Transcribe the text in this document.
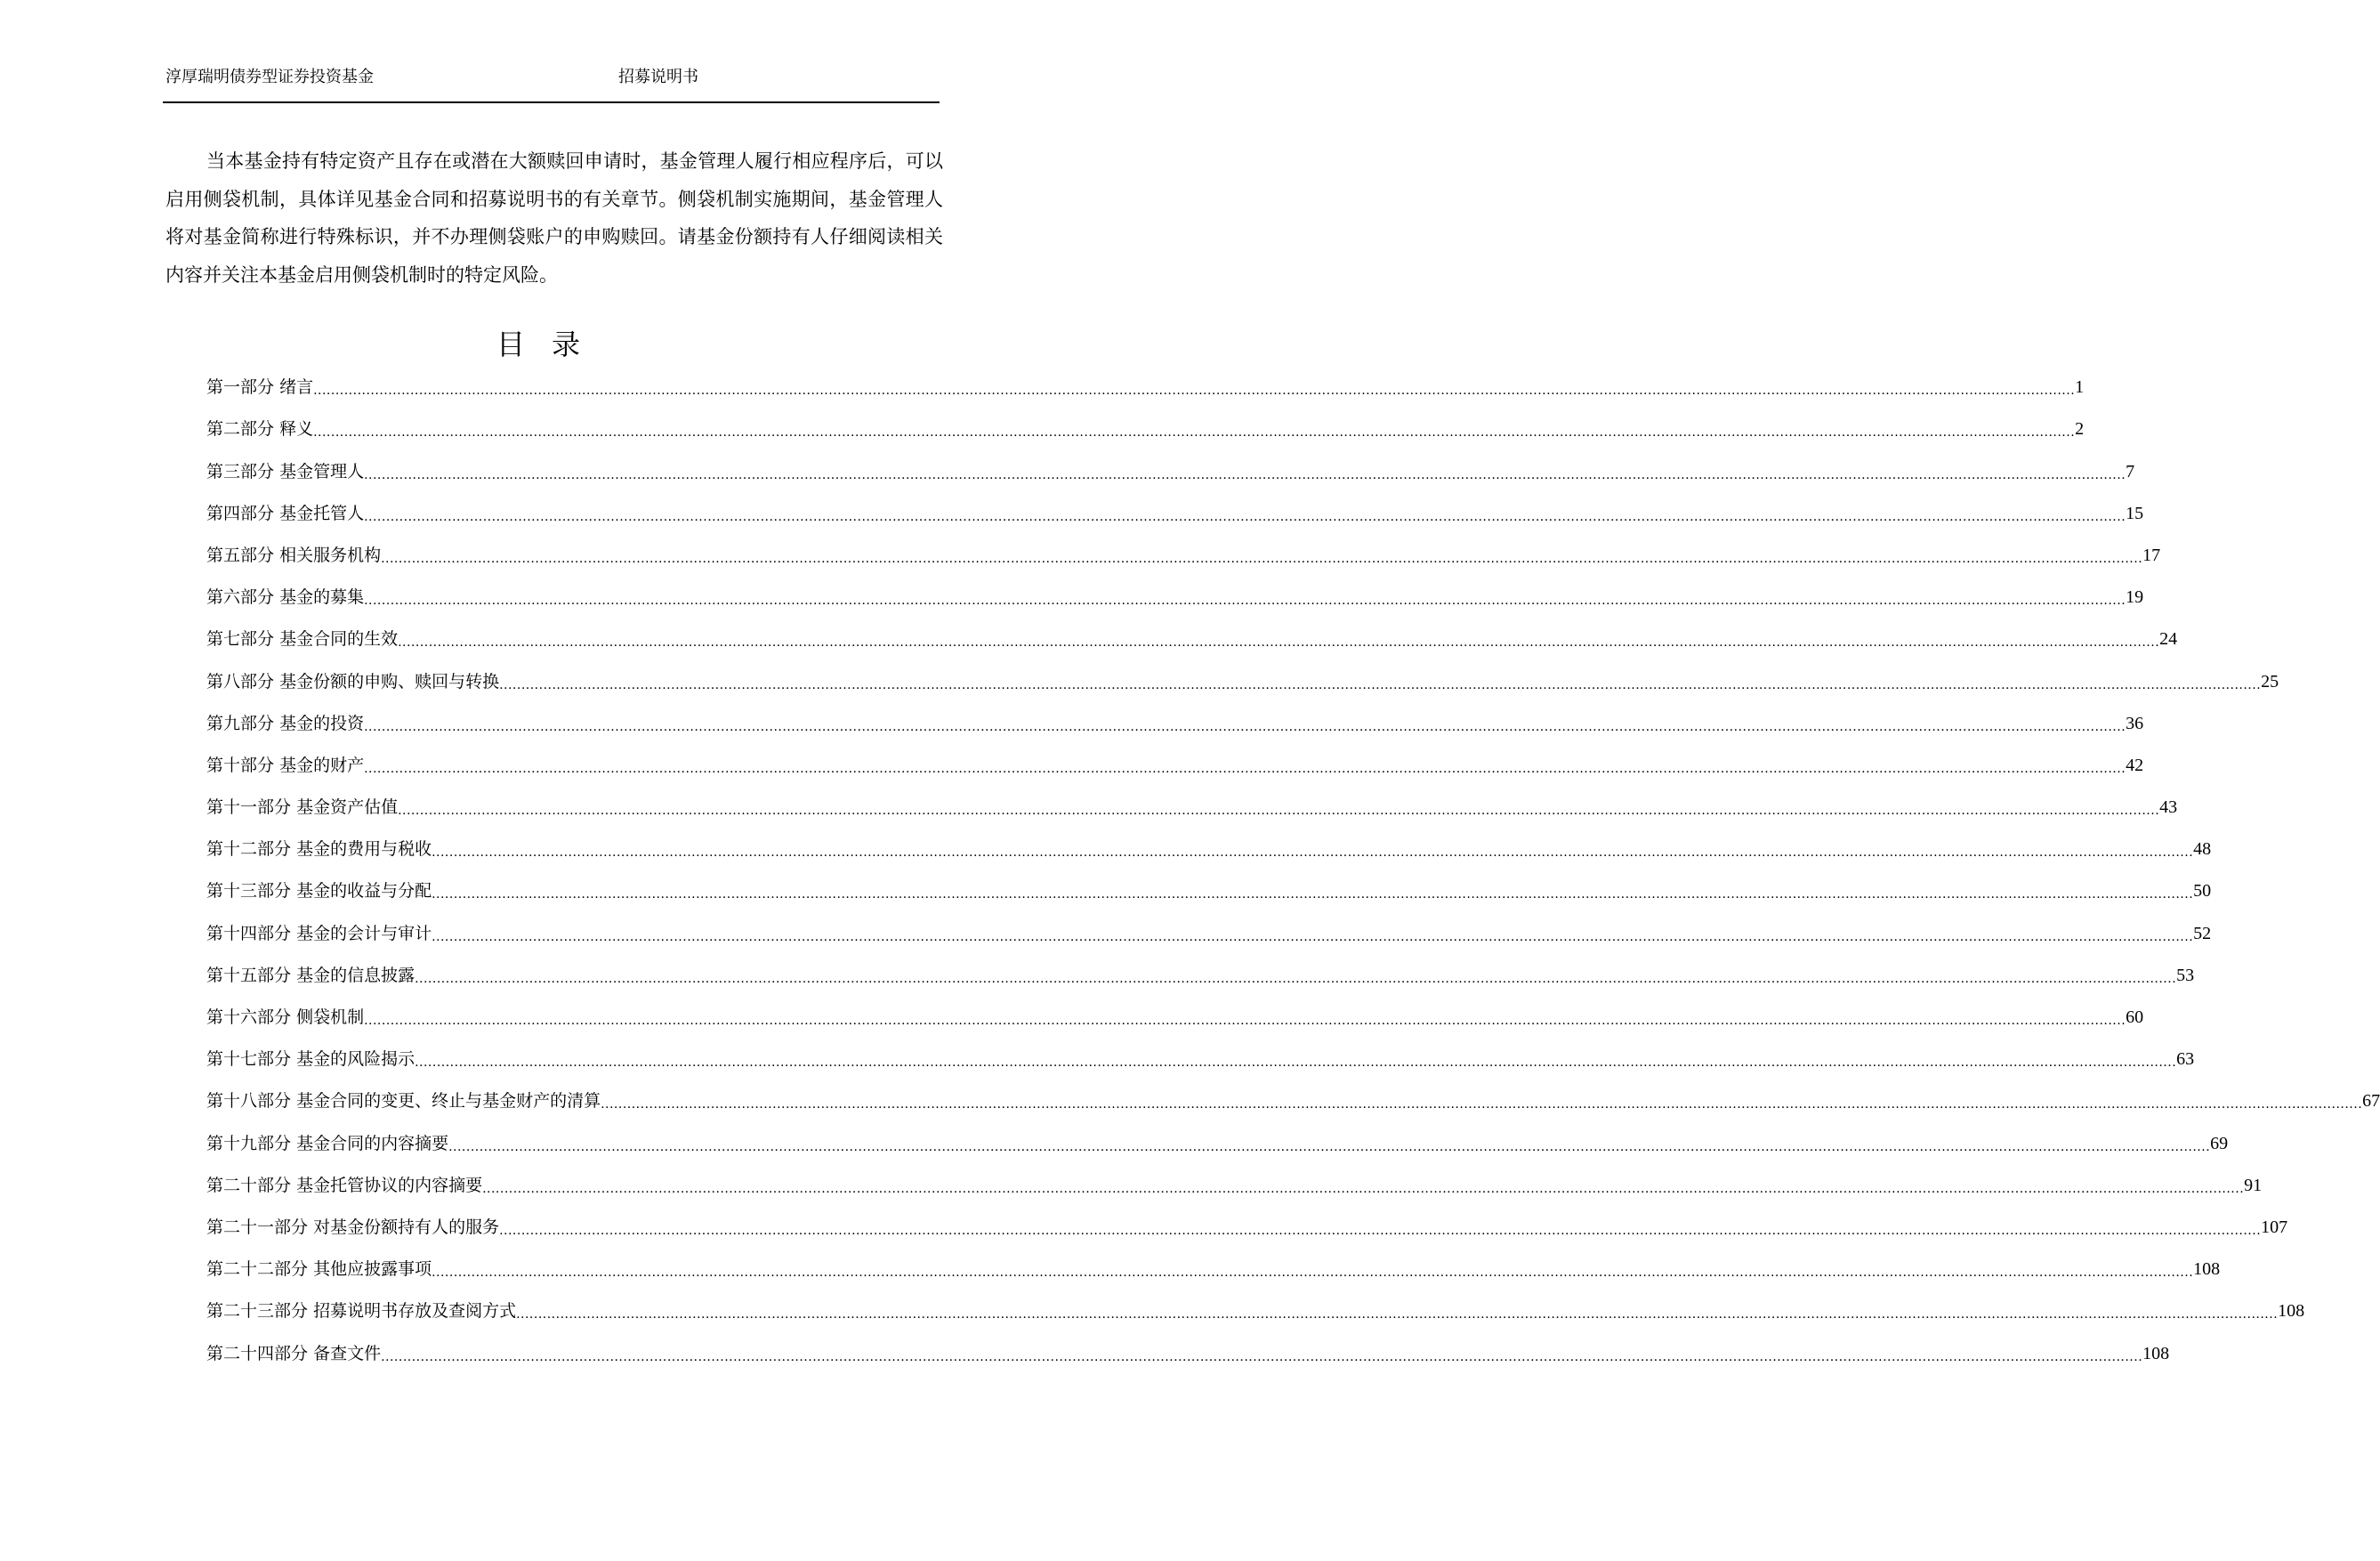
淳厚瑞明债券型证券投资基金	招募说明书

当本基金持有特定资产且存在或潜在大额赎回申请时，基金管理人履行相应程序后，可以启用侧袋机制，具体详见基金合同和招募说明书的有关章节。侧袋机制实施期间，基金管理人将对基金简称进行特殊标识，并不办理侧袋账户的申购赎回。请基金份额持有人仔细阅读相关内容并关注本基金启用侧袋机制时的特定风险。

目录
第一部分
绪言 ................................................................................................................................................................................................................................................................................................................................................................................................................ 1
第二部分
释义 ................................................................................................................................................................................................................................................................................................................................................................................................................ 2
第三部分
基金管理人 ................................................................................................................................................................................................................................................................................................................................................................................................................ 7
第四部分
基金托管人 ................................................................................................................................................................................................................................................................................................................................................................................................................ 15
第五部分
相关服务机构 ................................................................................................................................................................................................................................................................................................................................................................................................................ 17
第六部分
基金的募集 ................................................................................................................................................................................................................................................................................................................................................................................................................ 19
第七部分
基金合同的生效 ................................................................................................................................................................................................................................................................................................................................................................................................................ 24
第八部分
基金份额的申购、赎回与转换 ................................................................................................................................................................................................................................................................................................................................................................................................................ 25
第九部分
基金的投资 ................................................................................................................................................................................................................................................................................................................................................................................................................ 36
第十部分
基金的财产 ................................................................................................................................................................................................................................................................................................................................................................................................................ 42
第十一部分
基金资产估值 ................................................................................................................................................................................................................................................................................................................................................................................................................ 43
第十二部分
基金的费用与税收 ................................................................................................................................................................................................................................................................................................................................................................................................................ 48
第十三部分
基金的收益与分配 ................................................................................................................................................................................................................................................................................................................................................................................................................ 50
第十四部分
基金的会计与审计 ................................................................................................................................................................................................................................................................................................................................................................................................................ 52
第十五部分
基金的信息披露 ................................................................................................................................................................................................................................................................................................................................................................................................................ 53
第十六部分
侧袋机制 ................................................................................................................................................................................................................................................................................................................................................................................................................ 60
第十七部分
基金的风险揭示 ................................................................................................................................................................................................................................................................................................................................................................................................................ 63
第十八部分
基金合同的变更、终止与基金财产的清算 ................................................................................................................................................................................................................................................................................................................................................................................................................ 67
第十九部分
基金合同的内容摘要 ................................................................................................................................................................................................................................................................................................................................................................................................................ 69
第二十部分
基金托管协议的内容摘要 ................................................................................................................................................................................................................................................................................................................................................................................................................ 91
第二十一部分
对基金份额持有人的服务 ................................................................................................................................................................................................................................................................................................................................................................................................................ 107
第二十二部分
其他应披露事项 ................................................................................................................................................................................................................................................................................................................................................................................................................ 108
第二十三部分
招募说明书存放及查阅方式 ................................................................................................................................................................................................................................................................................................................................................................................................................ 108
第二十四部分
备查文件 ................................................................................................................................................................................................................................................................................................................................................................................................................ 108
